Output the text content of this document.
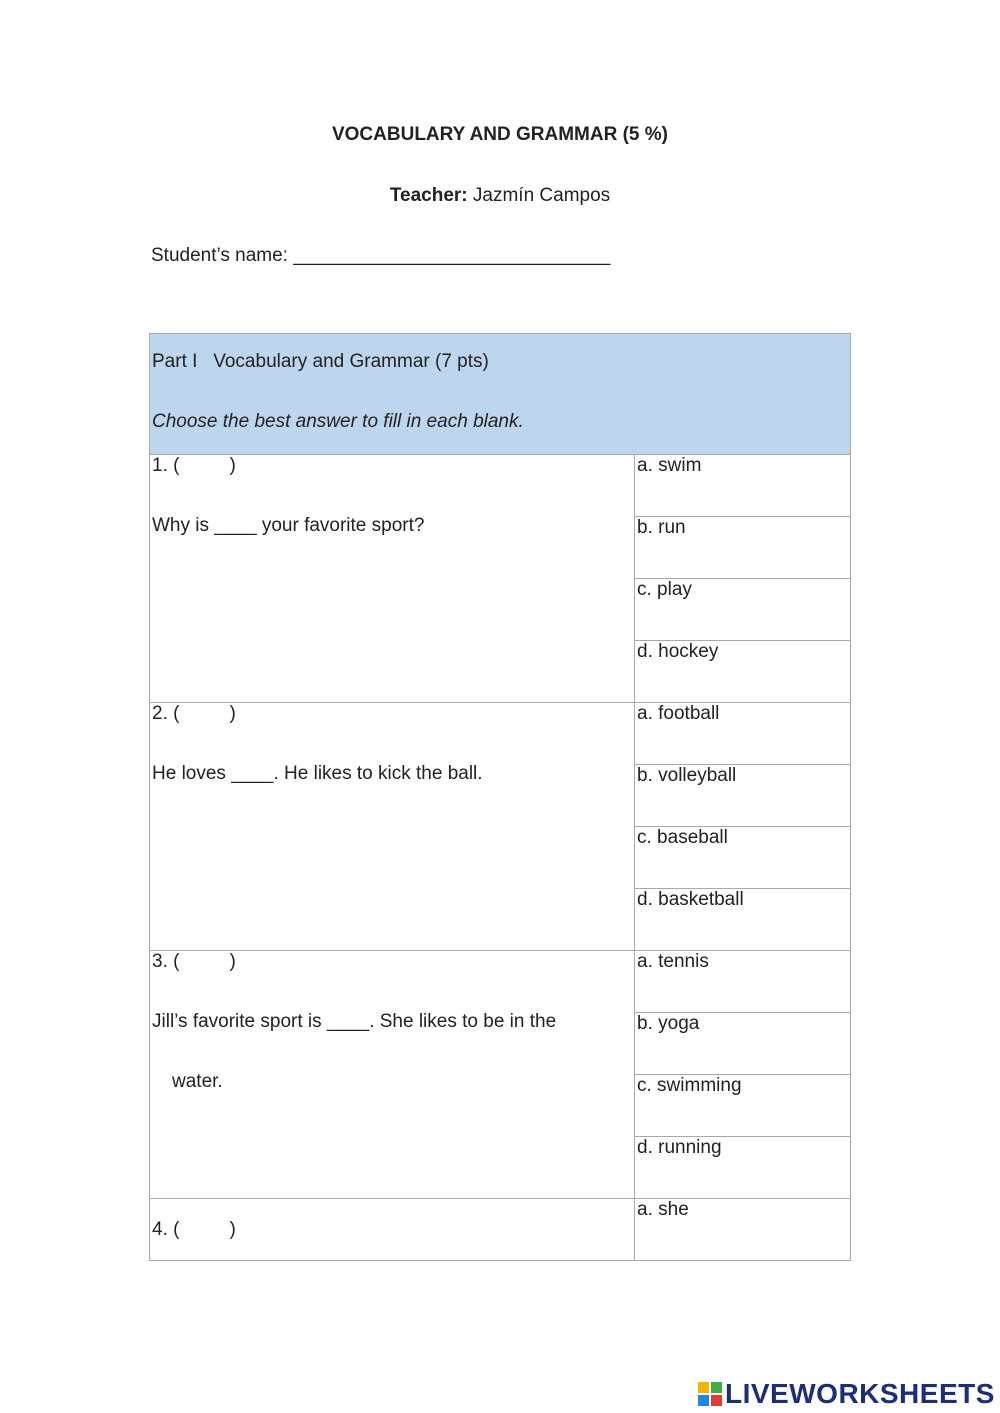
VOCABULARY AND GRAMMAR (5 %)
Teacher: Jazmín Campos
Student’s name: ______________________________
Part I   Vocabulary and Grammar (7 pts)
Choose the best answer to fill in each blank.	

1. ( )
Why is ____ your favorite sport?	a. swim
	b. run
	c. play
	d. hockey

2. ( )
He loves ____. He likes to kick the ball.	a. football
	b. volleyball
	c. baseball
	d. basketball

3. ( )
Jill’s favorite sport is ____. She likes to be in the
water.	a. tennis
	b. yoga
	c. swimming
	d. running

4. ( )	a. she
LIVEWORKSHEETS
